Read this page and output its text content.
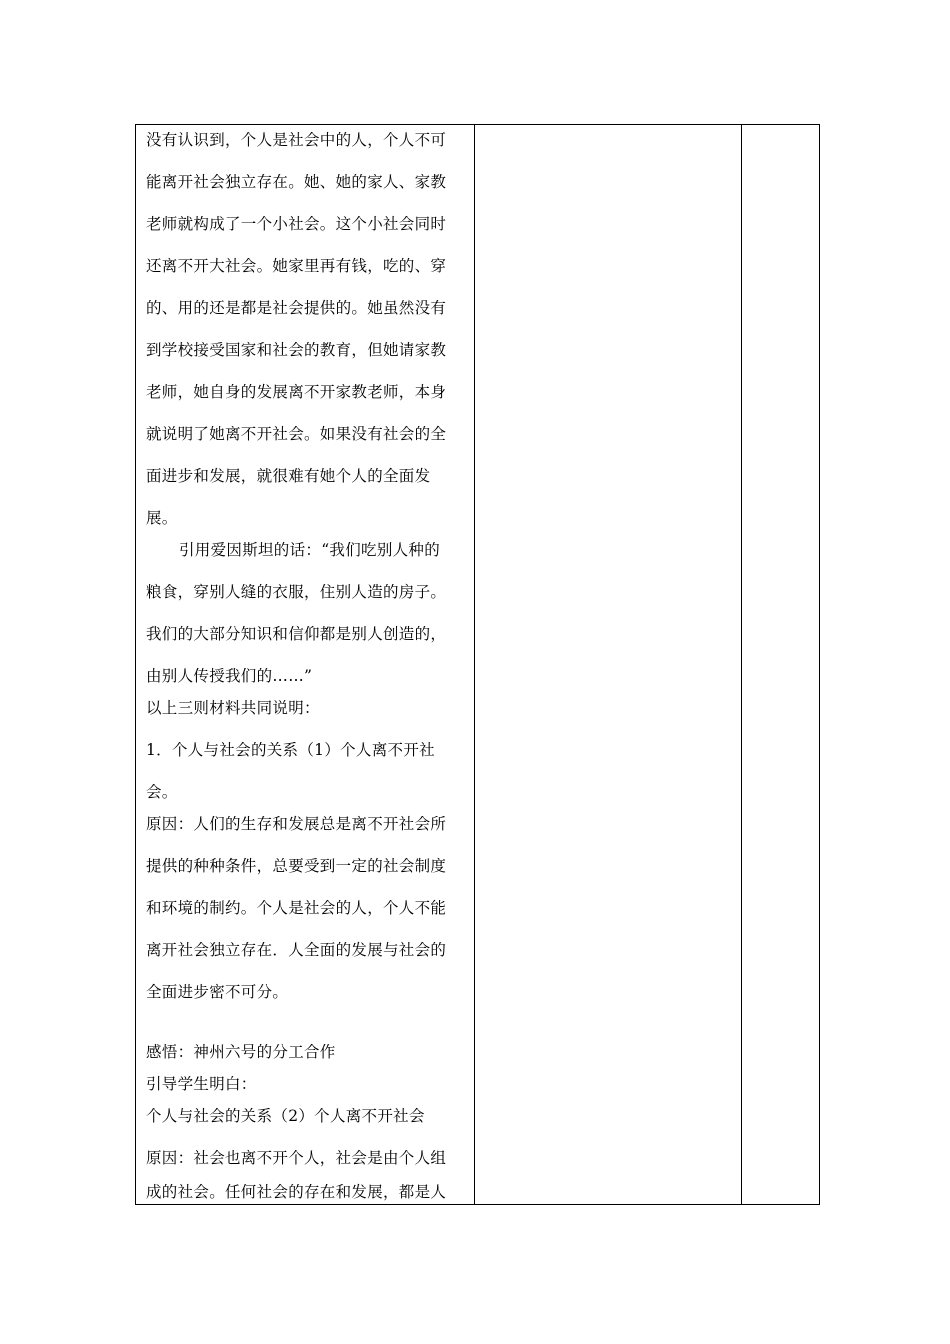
没有认识到，个人是社会中的人，个人不可
能离开社会独立存在。她、她的家人、家教
老师就构成了一个小社会。这个小社会同时
还离不开大社会。她家里再有钱，吃的、穿
的、用的还是都是社会提供的。她虽然没有
到学校接受国家和社会的教育，但她请家教
老师，她自身的发展离不开家教老师，本身
就说明了她离不开社会。如果没有社会的全
面进步和发展，就很难有她个人的全面发
展。
引用爱因斯坦的话：“我们吃别人种的
粮食，穿别人缝的衣服，住别人造的房子。
我们的大部分知识和信仰都是别人创造的，
由别人传授我们的……”
以上三则材料共同说明：
1．个人与社会的关系（1）个人离不开社
会。
原因：人们的生存和发展总是离不开社会所
提供的种种条件，总要受到一定的社会制度
和环境的制约。个人是社会的人，个人不能
离开社会独立存在．人全面的发展与社会的
全面进步密不可分。
感悟：神州六号的分工合作
引导学生明白：
个人与社会的关系（2）个人离不开社会
原因：社会也离不开个人，社会是由个人组
成的社会。任何社会的存在和发展，都是人
